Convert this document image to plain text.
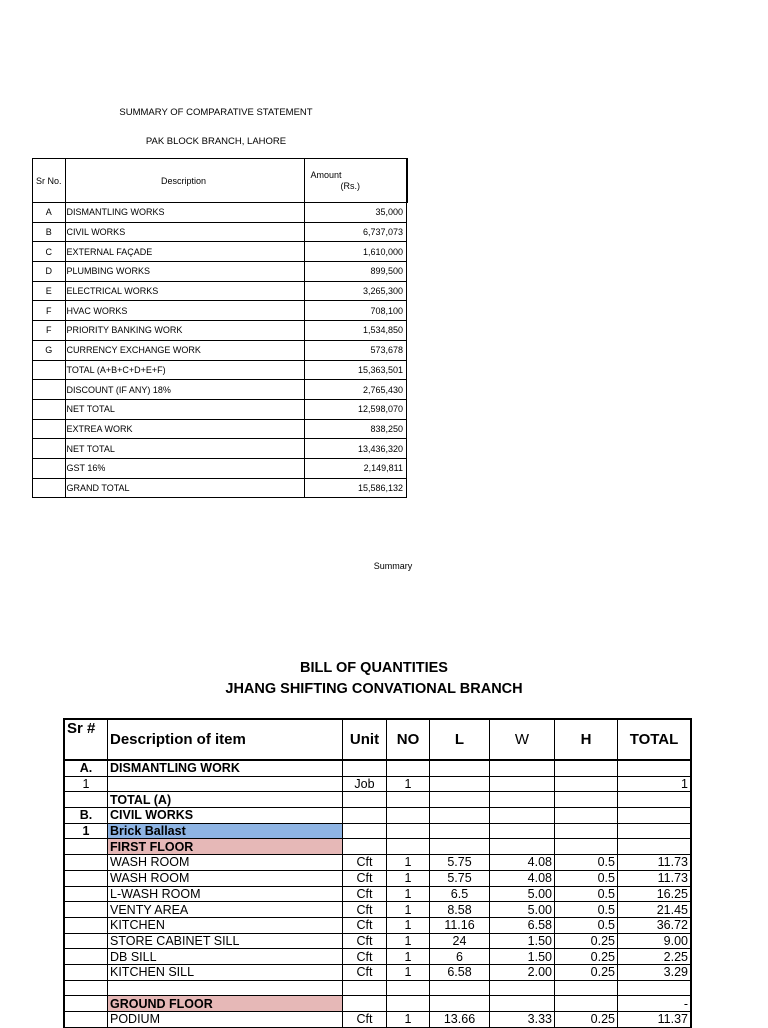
SUMMARY OF COMPARATIVE STATEMENT
PAK BLOCK BRANCH, LAHORE
Sr No.	Description	Amount
(Rs.)

A	DISMANTLING WORKS	35,000
B	CIVIL WORKS	6,737,073
C	EXTERNAL FAÇADE	1,610,000
D	PLUMBING WORKS	899,500
E	ELECTRICAL WORKS	3,265,300
F	HVAC WORKS	708,100
F	PRIORITY BANKING WORK	1,534,850
G	CURRENCY EXCHANGE WORK	573,678
	TOTAL (A+B+C+D+E+F)	15,363,501
	DISCOUNT (IF ANY) 18%	2,765,430
	NET TOTAL	12,598,070
	EXTREA WORK	838,250
	NET TOTAL	13,436,320
	GST 16%	2,149,811
	GRAND TOTAL	15,586,132
Summary
BILL OF QUANTITIES
JHANG SHIFTING CONVATIONAL BRANCH
Sr #	Description of item	Unit	NO	L	W	H	TOTAL
A.	DISMANTLING WORK						
1		Job	1				1
	TOTAL (A)						
B.	CIVIL WORKS						
1	Brick Ballast						
	FIRST FLOOR						
	WASH ROOM	Cft	1	5.75	4.08	0.5	11.73
	WASH ROOM	Cft	1	5.75	4.08	0.5	11.73
	L-WASH ROOM	Cft	1	6.5	5.00	0.5	16.25
	VENTY AREA	Cft	1	8.58	5.00	0.5	21.45
	KITCHEN	Cft	1	11.16	6.58	0.5	36.72
	STORE CABINET SILL	Cft	1	24	1.50	0.25	9.00
	DB SILL	Cft	1	6	1.50	0.25	2.25
	KITCHEN SILL	Cft	1	6.58	2.00	0.25	3.29

	GROUND FLOOR						-
	PODIUM	Cft	1	13.66	3.33	0.25	11.37
